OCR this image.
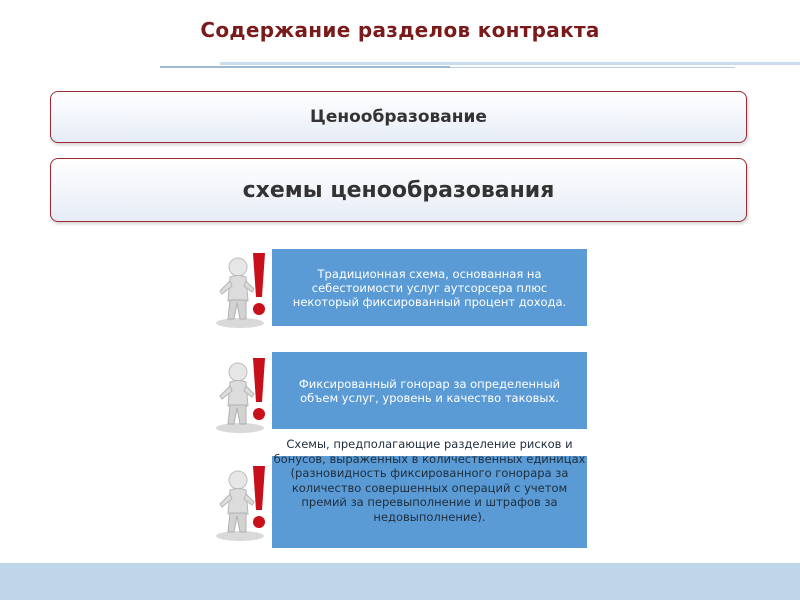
Содержание разделов контракта
Ценообразование
схемы ценообразования
Традиционная схема, основанная на себестоимости услуг аутсорсера плюс некоторый фиксированный процент дохода.
Фиксированный гонорар за определенный объем услуг, уровень и качество таковых.
Схемы, предполагающие разделение рисков и бонусов, выраженных в количественных единицах (разновидность фиксированного гонорара за количество совершенных операций с учетом премий за перевыполнение и штрафов за недовыполнение).
